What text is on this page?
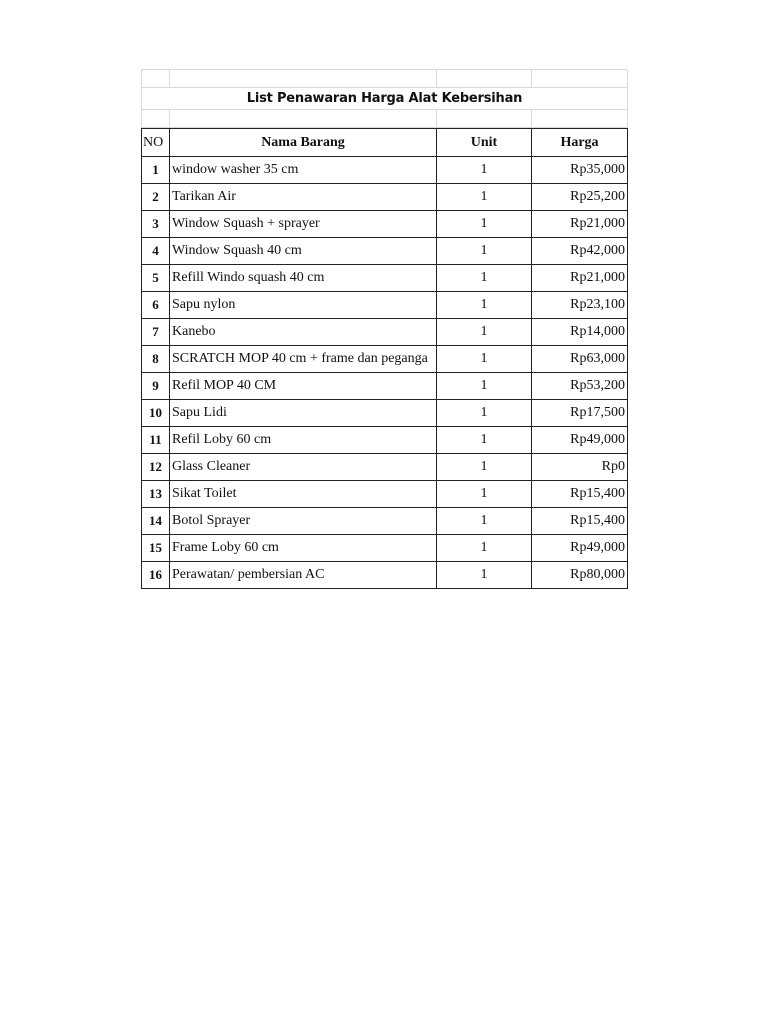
List Penawaran Harga Alat Kebersihan
NO	Nama Barang	Unit	Harga
1	window washer 35 cm	1	Rp35,000
2	Tarikan Air	1	Rp25,200
3	Window Squash + sprayer	1	Rp21,000
4	Window Squash 40 cm	1	Rp42,000
5	Refill Windo squash 40 cm	1	Rp21,000
6	Sapu nylon	1	Rp23,100
7	Kanebo	1	Rp14,000
8	SCRATCH MOP 40 cm + frame dan peganga	1	Rp63,000
9	Refil MOP 40 CM	1	Rp53,200
10	Sapu Lidi	1	Rp17,500
11	Refil Loby 60 cm	1	Rp49,000
12	Glass Cleaner	1	Rp0
13	Sikat Toilet	1	Rp15,400
14	Botol Sprayer	1	Rp15,400
15	Frame Loby 60 cm	1	Rp49,000
16	Perawatan/ pembersian AC	1	Rp80,000
